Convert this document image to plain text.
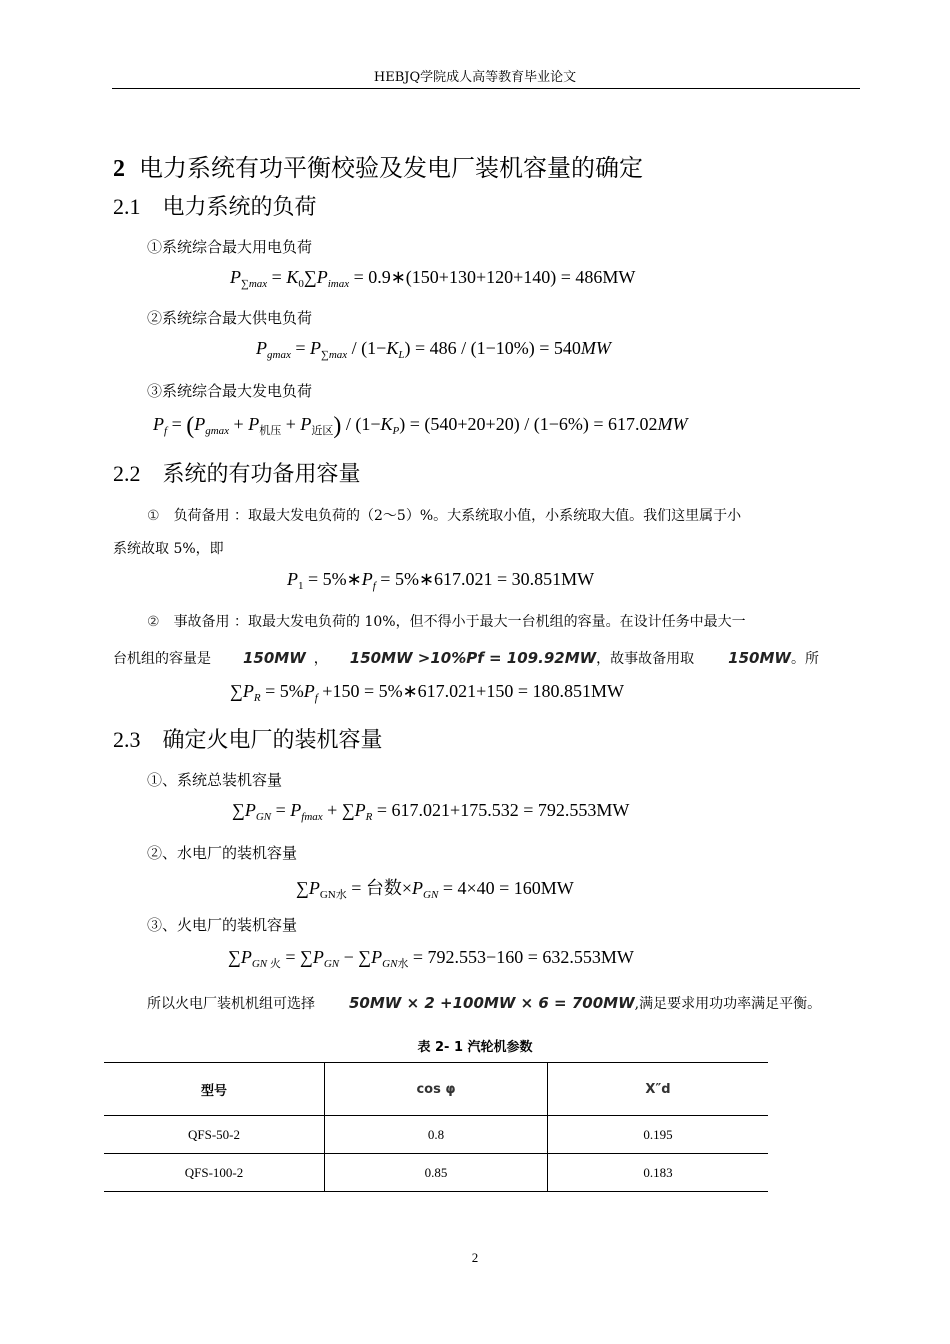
HEBJQ学院成人高等教育毕业论文
2 电力系统有功平衡校验及发电厂装机容量的确定
2.1 电力系统的负荷
①系统综合最大用电负荷
$P_{\sum max} = K_0\sum P_{imax}$ = 0.9∗(150+130+120+140) = 486MW
②系统综合最大供电负荷
$P_{gmax} = P_{\sum max} / (1-K_L) = 486 / (1-10\%) = 540MW$
③系统综合最大发电负荷
$P_f = (P_{gmax} + P_{机压} + P_{近区}) / (1-K_P) = (540+20+20) / (1-6\%) = 617.02MW$
2.2 系统的有功备用容量
① 负荷备用 ：取最大发电负荷的（2～5）%。大系统取小值，小系统取大值。我们这里属于小
系统故取 5%，即
$P_1$ = $5\%∗P_f$ = 5%∗617.021 = 30.851MW
② 事故备用 ：取最大发电负荷的 10%，但不得小于最大一台机组的容量。在设计任务中最大一
台机组的容量是 150MW ， 150MW >10%Pf = 109.92MW，故事故备用取 150MW。所
$\sum P_R = 5\%P_f +150$ = 5%∗617.021+150 = 180.851MW
2.3 确定火电厂的装机容量
①、系统总装机容量
$\sum P_{GN} = P_{fmax} + \sum P_R = 617.021+175.532 = 792.553MW$
②、水电厂的装机容量
$\sum P_{GN水}$ = 台数$\times P_{GN} = 4\times 40 = 160MW$
③、火电厂的装机容量
$\sum P_{GN 火} = \sum P_{GN} - \sum P_{GN水} = 792.553-160 = 632.553MW$
所以火电厂装机机组可选择 50MW × 2 +100MW × 6 = 700MW,满足要求用功功率满足平衡。
表 2- 1 汽轮机参数
型号	cos φ	X″d
QFS-50-2	0.8	0.195
QFS-100-2	0.85	0.183
2
